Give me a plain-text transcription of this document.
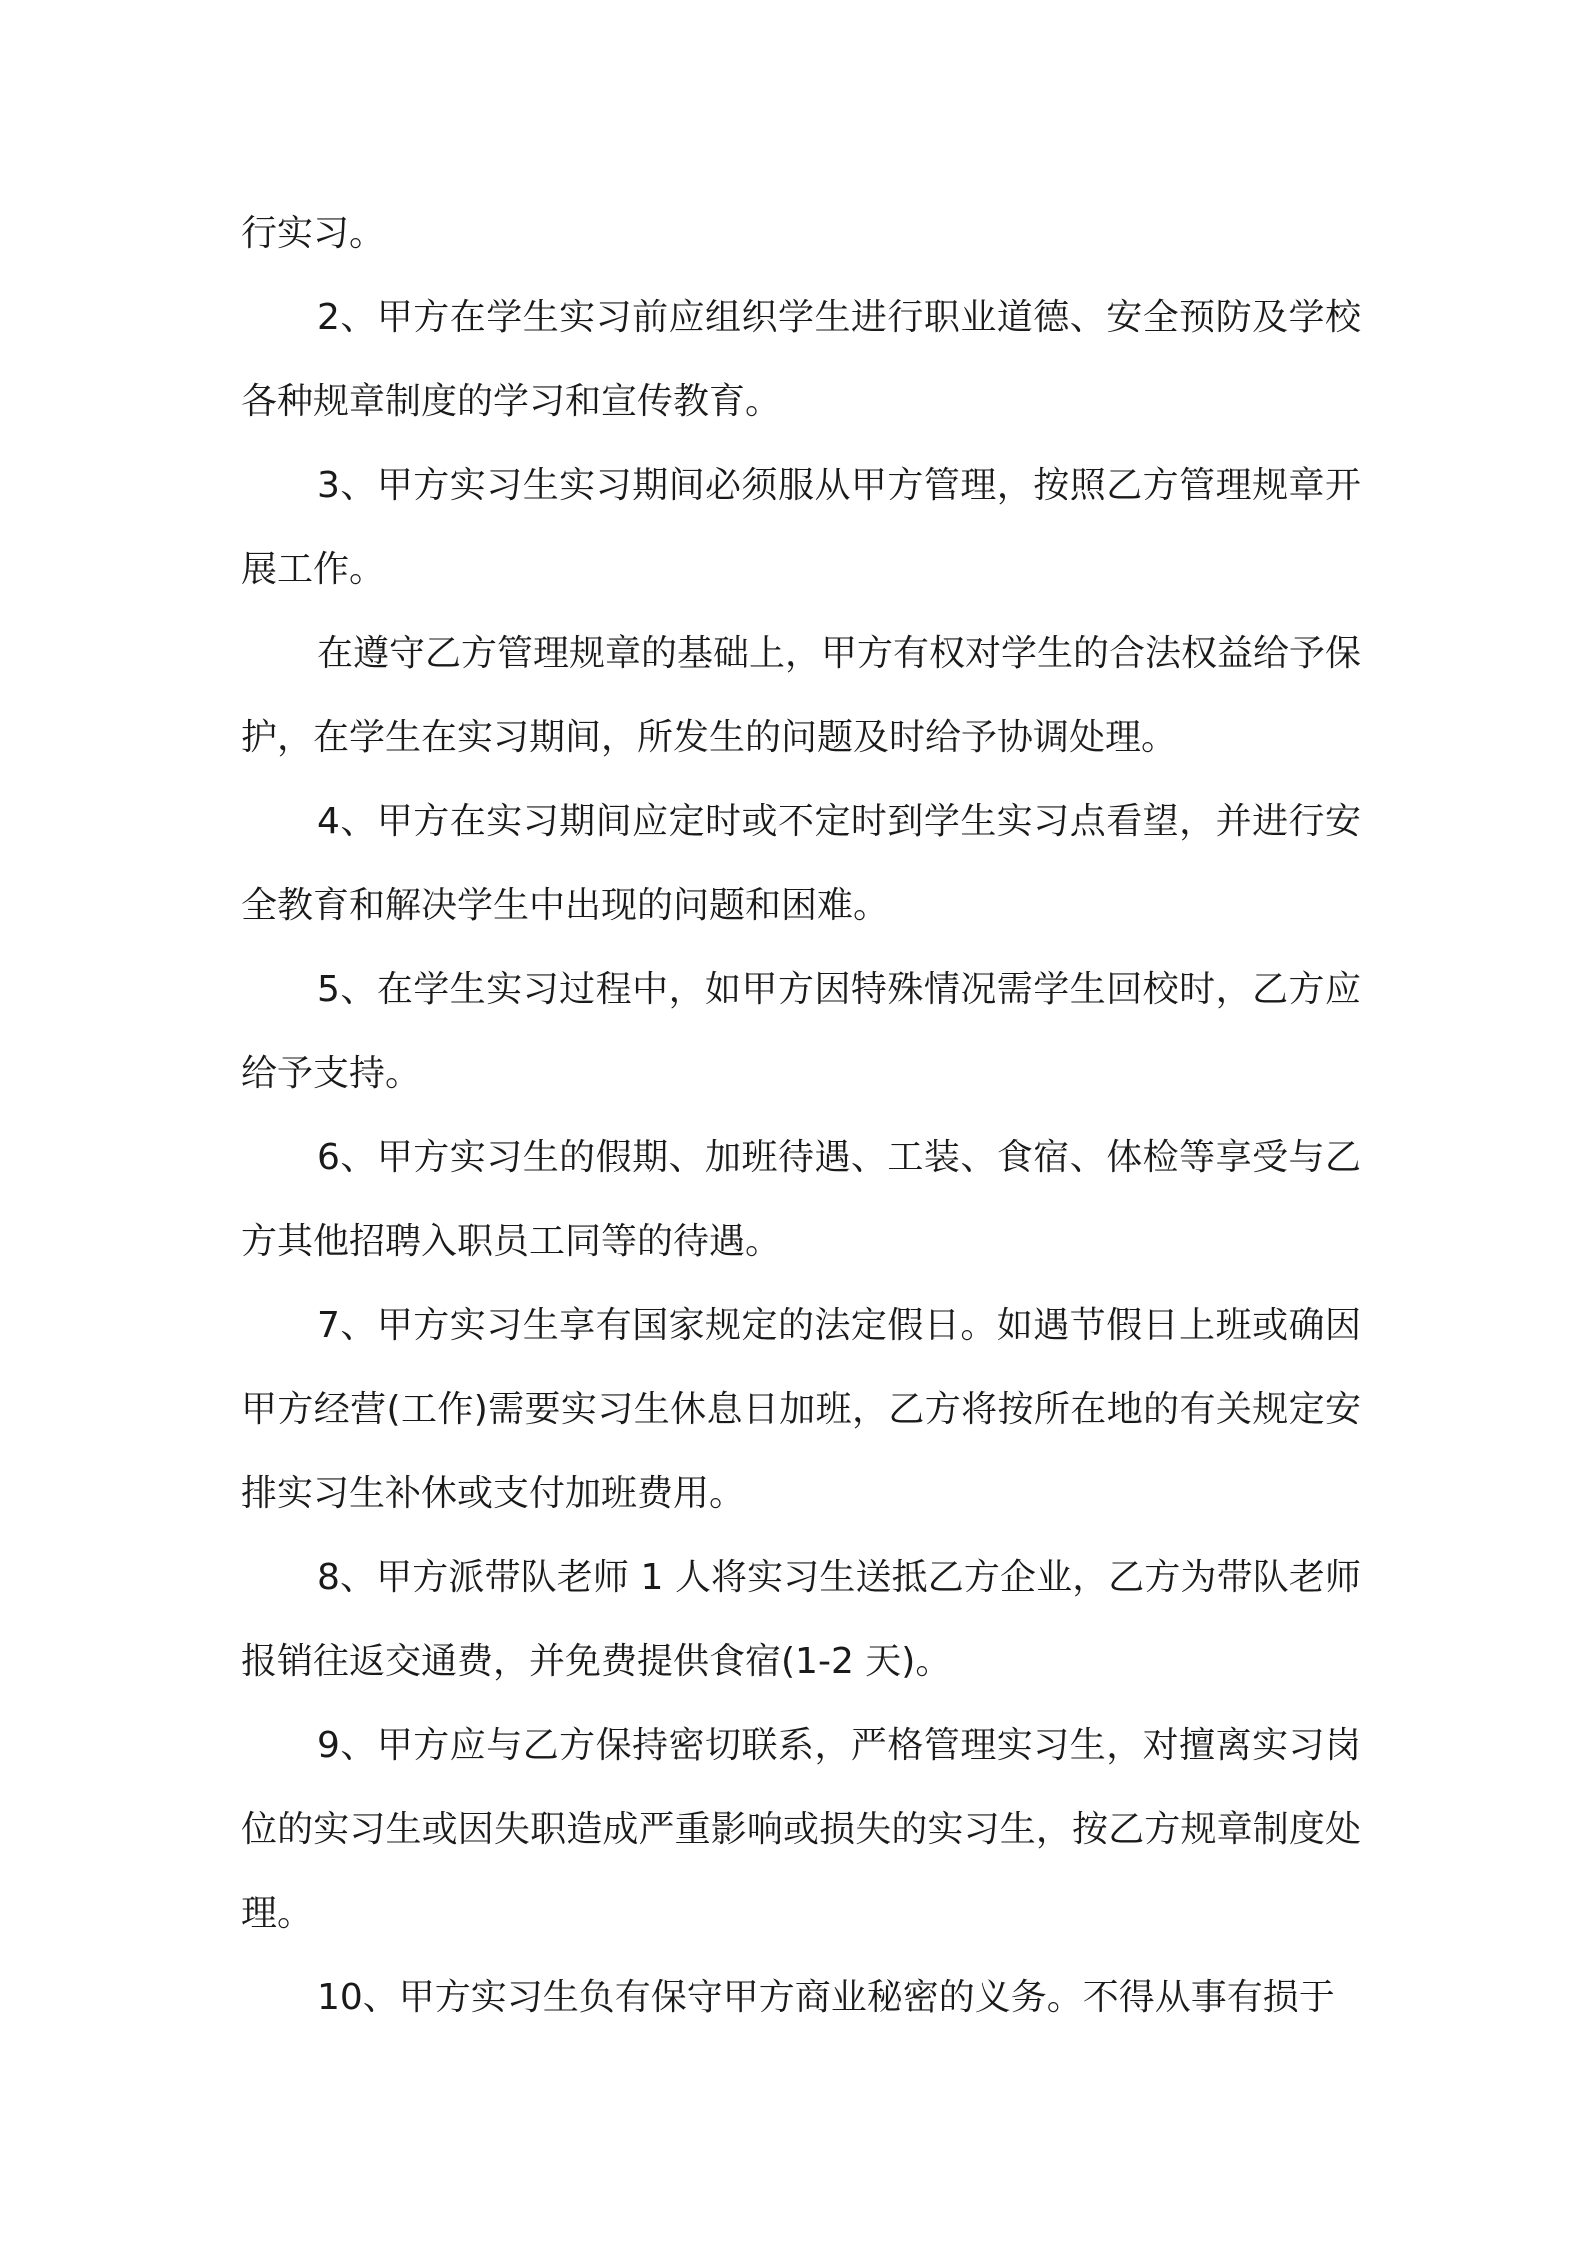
行实习。

2、甲方在学生实习前应组织学生进行职业道德、安全预防及学校各种规章制度的学习和宣传教育。

3、甲方实习生实习期间必须服从甲方管理，按照乙方管理规章开展工作。

在遵守乙方管理规章的基础上，甲方有权对学生的合法权益给予保护，在学生在实习期间，所发生的问题及时给予协调处理。

4、甲方在实习期间应定时或不定时到学生实习点看望，并进行安全教育和解决学生中出现的问题和困难。

5、在学生实习过程中，如甲方因特殊情况需学生回校时，乙方应给予支持。

6、甲方实习生的假期、加班待遇、工装、食宿、体检等享受与乙方其他招聘入职员工同等的待遇。

7、甲方实习生享有国家规定的法定假日。如遇节假日上班或确因甲方经营(工作)需要实习生休息日加班，乙方将按所在地的有关规定安排实习生补休或支付加班费用。

8、甲方派带队老师 1 人将实习生送抵乙方企业，乙方为带队老师报销往返交通费，并免费提供食宿(1-2 天)。

9、甲方应与乙方保持密切联系，严格管理实习生，对擅离实习岗位的实习生或因失职造成严重影响或损失的实习生，按乙方规章制度处理。

10、甲方实习生负有保守甲方商业秘密的义务。不得从事有损于
